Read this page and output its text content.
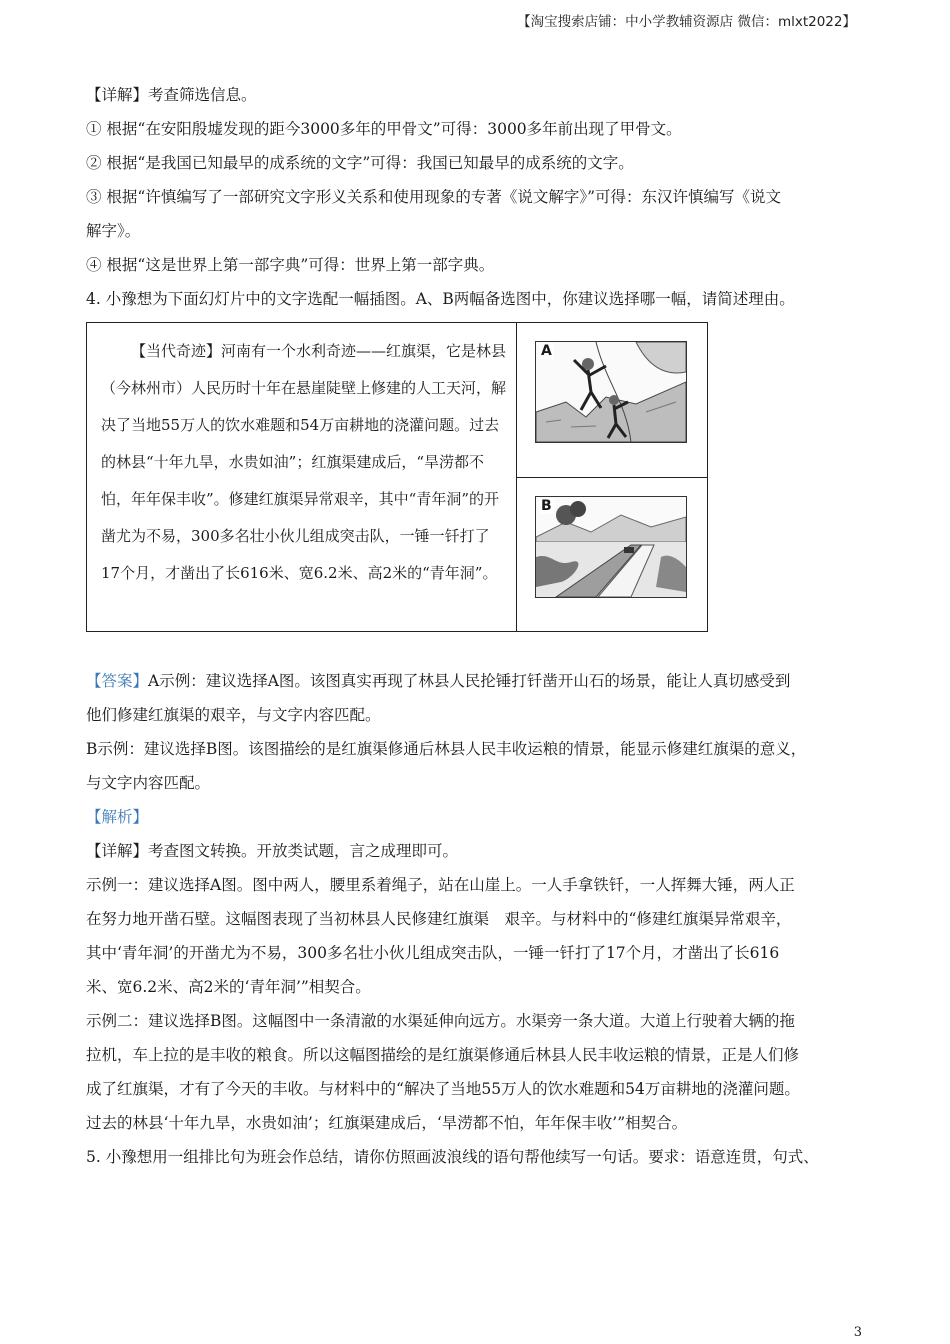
【淘宝搜索店铺：中小学教辅资源店 微信：mlxt2022】
【详解】考查筛选信息。
① 根据“在安阳殷墟发现的距今3000多年的甲骨文”可得：3000多年前出现了甲骨文。
② 根据“是我国已知最早的成系统的文字”可得：我国已知最早的成系统的文字。
③ 根据“许慎编写了一部研究文字形义关系和使用现象的专著《说文解字》”可得：东汉许慎编写《说文
解字》。
④ 根据“这是世界上第一部字典”可得：世界上第一部字典。
4. 小豫想为下面幻灯片中的文字选配一幅插图。A、B两幅备选图中，你建议选择哪一幅，请简述理由。

【当代奇迹】河南有一个水利奇迹——红旗渠，它是林县（今林州市）人民历时十年在悬崖陡壁上修建的人工天河，解决了当地55万人的饮水难题和54万亩耕地的浇灌问题。过去的林县“十年九旱，水贵如油”；红旗渠建成后，“旱涝都不怕，年年保丰收”。修建红旗渠异常艰辛，其中“青年洞”的开凿尤为不易，300多名壮小伙儿组成突击队，一锤一钎打了17个月，才凿出了长616米、宽6.2米、高2米的“青年洞”。

A
B
【答案】A示例：建议选择A图。该图真实再现了林县人民抡锤打钎凿开山石的场景，能让人真切感受到
他们修建红旗渠的艰辛，与文字内容匹配。
B示例：建议选择B图。该图描绘的是红旗渠修通后林县人民丰收运粮的情景，能显示修建红旗渠的意义，
与文字内容匹配。
【解析】
【详解】考查图文转换。开放类试题，言之成理即可。
示例一：建议选择A图。图中两人，腰里系着绳子，站在山崖上。一人手拿铁钎，一人挥舞大锤，两人正
在努力地开凿石壁。这幅图表现了当初林县人民修建红旗渠　艰辛。与材料中的“修建红旗渠异常艰辛，
其中‘青年洞’的开凿尤为不易，300多名壮小伙儿组成突击队，一锤一钎打了17个月，才凿出了长616
米、宽6.2米、高2米的‘青年洞’”相契合。
示例二：建议选择B图。这幅图中一条清澈的水渠延伸向远方。水渠旁一条大道。大道上行驶着大辆的拖
拉机，车上拉的是丰收的粮食。所以这幅图描绘的是红旗渠修通后林县人民丰收运粮的情景，正是人们修
成了红旗渠，才有了今天的丰收。与材料中的“解决了当地55万人的饮水难题和54万亩耕地的浇灌问题。
过去的林县‘十年九旱，水贵如油’；红旗渠建成后，‘旱涝都不怕，年年保丰收’”相契合。
5. 小豫想用一组排比句为班会作总结，请你仿照画波浪线的语句帮他续写一句话。要求：语意连贯，句式、
3
